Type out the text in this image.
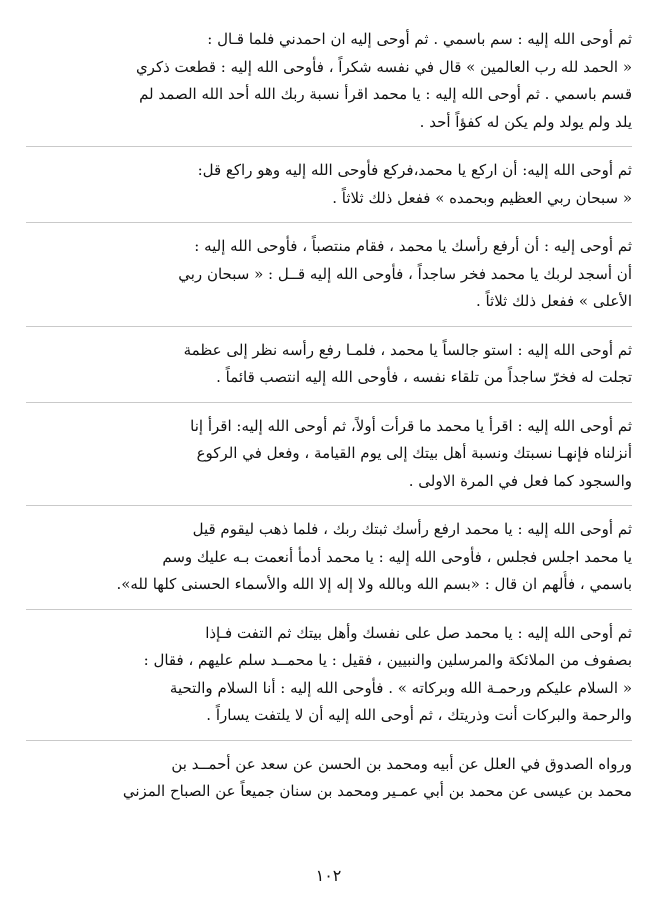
ثم أوحى الله إليه : سم باسمي . ثم أوحى إليه ان احمدني فلما قـال :
« الحمد لله رب العالمين » قال في نفسه شكراً ، فأوحى الله إليه : قطعت ذكري
قسم باسمي . ثم أوحى الله إليه : يا محمد اقرأ نسبة ربك الله أحد الله الصمد لم
يلد ولم يولد ولم يكن له كفؤاً أحد .
ثم أوحى الله إليه: أن اركع يا محمد،فركع فأوحى الله إليه وهو راكع قل:
« سبحان ربي العظيم وبحمده » ففعل ذلك ثلاثاً .
ثم أوحى إليه : أن أرفع رأسك يا محمد ، فقام منتصباً ، فأوحى الله إليه :
أن أسجد لربك يا محمد فخر ساجداً ، فأوحى الله إليه قــل : « سبحان ربي
الأعلى » ففعل ذلك ثلاثاً .
ثم أوحى الله إليه : استو جالساً يا محمد ، فلمـا رفع رأسه نظر إلى عظمة
تجلت له فخرّ ساجداً من تلقاء نفسه ، فأوحى الله إليه انتصب قائماً .
ثم أوحى الله إليه : اقرأ يا محمد ما قرأت أولاً، ثم أوحى الله إليه: اقرأ إنا
أنزلناه فإنهـا نسبتك ونسبة أهل بيتك إلى يوم القيامة ، وفعل في الركوع
والسجود كما فعل في المرة الاولى .
ثم أوحى الله إليه : يا محمد ارفع رأسك ثبتك ربك ، فلما ذهب ليقوم قيل
يا محمد اجلس فجلس ، فأوحى الله إليه : يا محمد أدمأ أنعمت بـه عليك وسم
باسمي ، فأُلهم ان قال : «بسم الله وبالله ولا إله إلا الله والأسماء الحسنى كلها لله».
ثم أوحى الله إليه : يا محمد صل على نفسك وأهل بيتك ثم التفت فـإذا
بصفوف من الملائكة والمرسلين والنبيين ، فقيل : يا محمــد سلم عليهم ، فقال :
« السلام عليكم ورحمـة الله وبركاته » . فأوحى الله إليه : أنا السلام والتحية
والرحمة والبركات أنت وذريتك ، ثم أوحى الله إليه أن لا يلتفت يساراً .
ورواه الصدوق في العلل عن أبيه ومحمد بن الحسن عن سعد عن أحمــد بن
محمد بن عيسى عن محمد بن أبي عمـير ومحمد بن سنان جميعاً عن الصباح المزني
١٠٢
